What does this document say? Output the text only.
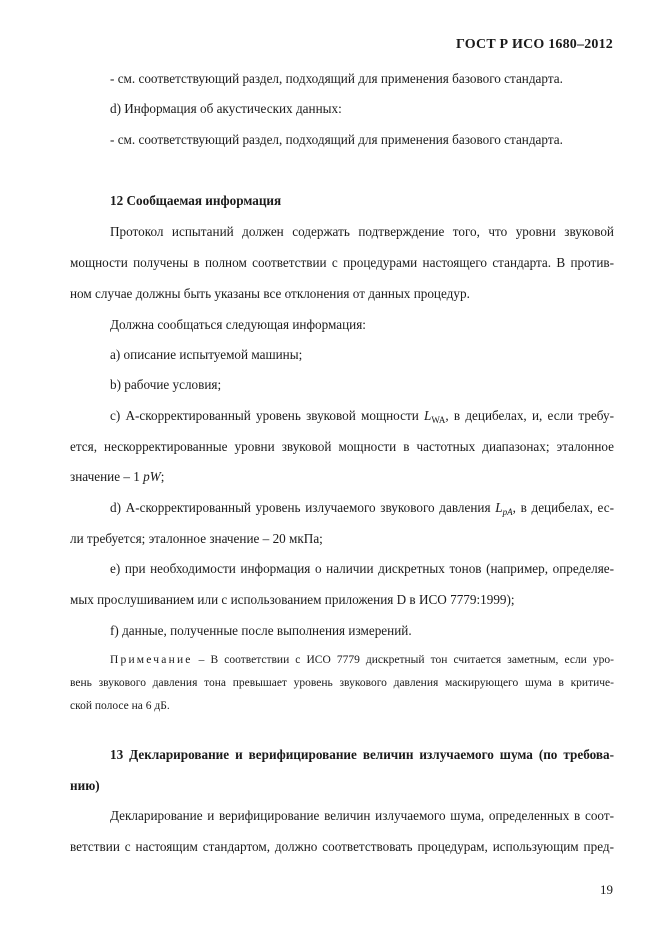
ГОСТ Р ИСО 1680–2012
- см. соответствующий раздел, подходящий для применения базового стандарта.
d) Информация об акустических данных:
- см. соответствующий раздел, подходящий для применения базового стандарта.
12 Сообщаемая информация
Протокол испытаний должен содержать подтверждение того, что уровни звуковой
мощности получены в полном соответствии с процедурами настоящего стандарта. В против-
ном случае должны быть указаны все отклонения от данных процедур.
Должна сообщаться следующая информация:
а) описание испытуемой машины;
b) рабочие условия;
с) А-скорректированный уровень звуковой мощности $L_{WA}$, в децибелах, и, если требу-
ется, нескорректированные уровни звуковой мощности в частотных диапазонах; эталонное
значение – 1 pW;
d) А-скорректированный уровень излучаемого звукового давления $L_{pA}$, в децибелах, ес-
ли требуется; эталонное значение – 20 мкПа;
е) при необходимости информация о наличии дискретных тонов (например, определяе-
мых прослушиванием или с использованием приложения D в ИСО 7779:1999);
f) данные, полученные после выполнения измерений.
Примечание – В соответствии с ИСО 7779 дискретный тон считается заметным, если уро-
вень звукового давления тона превышает уровень звукового давления маскирующего шума в критиче-
ской полосе на 6 дБ.
13 Декларирование и верифицирование величин излучаемого шума (по требова-
нию)
Декларирование и верифицирование величин излучаемого шума, определенных в соот-
ветствии с настоящим стандартом, должно соответствовать процедурам, использующим пред-
19
